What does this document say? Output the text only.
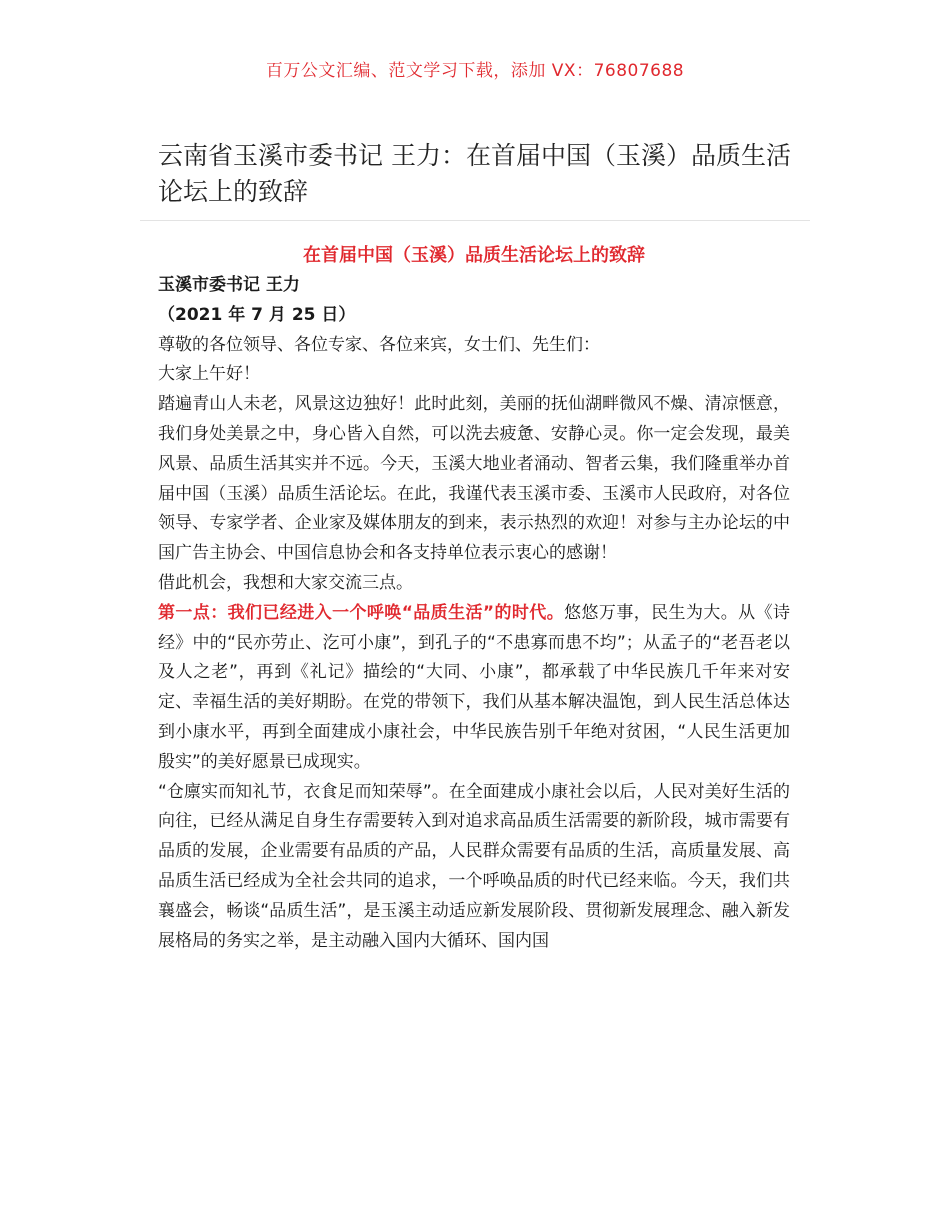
百万公文汇编、范文学习下载，添加 VX：76807688
云南省玉溪市委书记 王力：在首届中国（玉溪）品质生活论坛上的致辞

在首届中国（玉溪）品质生活论坛上的致辞

玉溪市委书记 王力

（2021 年 7 月 25 日）

尊敬的各位领导、各位专家、各位来宾，女士们、先生们：

大家上午好！

踏遍青山人未老，风景这边独好！此时此刻，美丽的抚仙湖畔微风不燥、清凉惬意，我们身处美景之中，身心皆入自然，可以洗去疲惫、安静心灵。你一定会发现，最美风景、品质生活其实并不远。今天，玉溪大地业者涌动、智者云集，我们隆重举办首届中国（玉溪）品质生活论坛。在此，我谨代表玉溪市委、玉溪市人民政府，对各位领导、专家学者、企业家及媒体朋友的到来，表示热烈的欢迎！对参与主办论坛的中国广告主协会、中国信息协会和各支持单位表示衷心的感谢！

借此机会，我想和大家交流三点。

第一点：我们已经进入一个呼唤“品质生活”的时代。悠悠万事，民生为大。从《诗经》中的“民亦劳止、汔可小康”，到孔子的“不患寡而患不均”；从孟子的“老吾老以及人之老”，再到《礼记》描绘的“大同、小康”，都承载了中华民族几千年来对安定、幸福生活的美好期盼。在党的带领下，我们从基本解决温饱，到人民生活总体达到小康水平，再到全面建成小康社会，中华民族告别千年绝对贫困，“人民生活更加殷实”的美好愿景已成现实。

“仓廪实而知礼节，衣食足而知荣辱”。在全面建成小康社会以后，人民对美好生活的向往，已经从满足自身生存需要转入到对追求高品质生活需要的新阶段，城市需要有品质的发展，企业需要有品质的产品，人民群众需要有品质的生活，高质量发展、高品质生活已经成为全社会共同的追求，一个呼唤品质的时代已经来临。今天，我们共襄盛会，畅谈“品质生活”，是玉溪主动适应新发展阶段、贯彻新发展理念、融入新发展格局的务实之举，是主动融入国内大循环、国内国
